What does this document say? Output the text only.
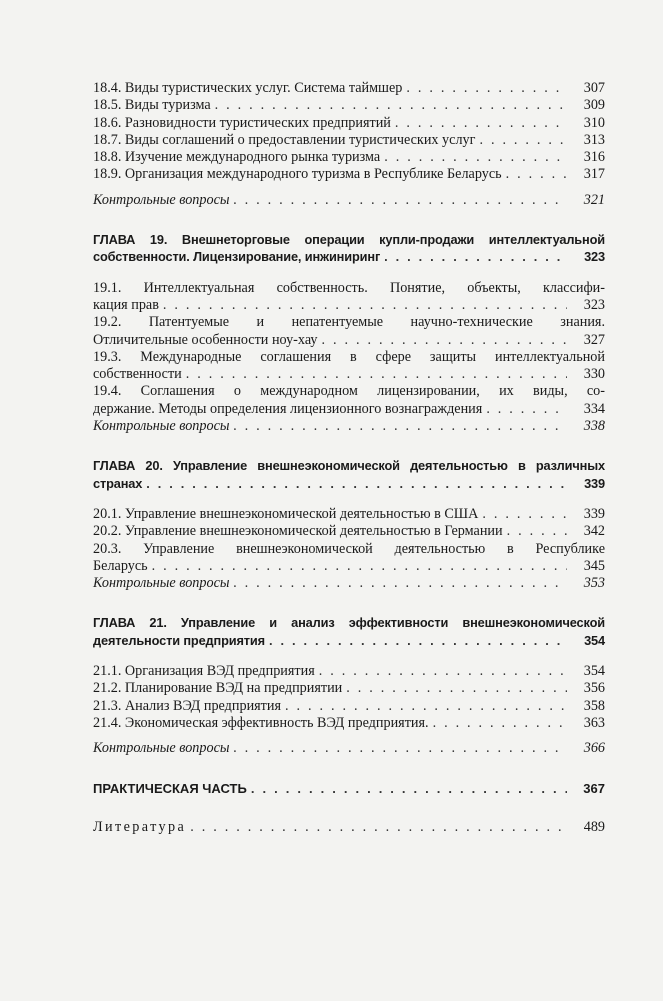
18.4. Виды туристических услуг. Система таймшер . . .	307
18.5. Виды туризма . . .	309
18.6. Разновидности туристических предприятий . . .	310
18.7. Виды соглашений о предоставлении туристических услуг . . .	313
18.8. Изучение международного рынка туризма . . .	316
18.9. Организация международного туризма в Республике Беларусь . . .	317
Контрольные вопросы . . .	321
ГЛАВА 19. Внешнеторговые операции купли-продажи интеллектуальной
собственности. Лицензирование, инжиниринг . . .	323
19.1. Интеллектуальная собственность. Понятие, объекты, классифи-
кация прав . . .	323
19.2. Патентуемые и непатентуемые научно-технические знания.
Отличительные особенности ноу-хау . . .	327
19.3. Международные соглашения в сфере защиты интеллектуальной
собственности . . .	330
19.4. Соглашения о международном лицензировании, их виды, со-
держание. Методы определения лицензионного вознаграждения . . .	334
Контрольные вопросы . . .	338
ГЛАВА 20. Управление внешнеэкономической деятельностью в различных
странах . . .	339
20.1. Управление внешнеэкономической деятельностью в США . . .	339
20.2. Управление внешнеэкономической деятельностью в Германии . . .	342
20.3. Управление внешнеэкономической деятельностью в Республике
Беларусь . . .	345
Контрольные вопросы . . .	353
ГЛАВА 21. Управление и анализ эффективности внешнеэкономической
деятельности предприятия . . .	354
21.1. Организация ВЭД предприятия . . .	354
21.2. Планирование ВЭД на предприятии . . .	356
21.3. Анализ ВЭД предприятия . . .	358
21.4. Экономическая эффективность ВЭД предприятия. . . .	363
Контрольные вопросы . . .	366
ПРАКТИЧЕСКАЯ ЧАСТЬ . . .	367
Литература . . .	489
